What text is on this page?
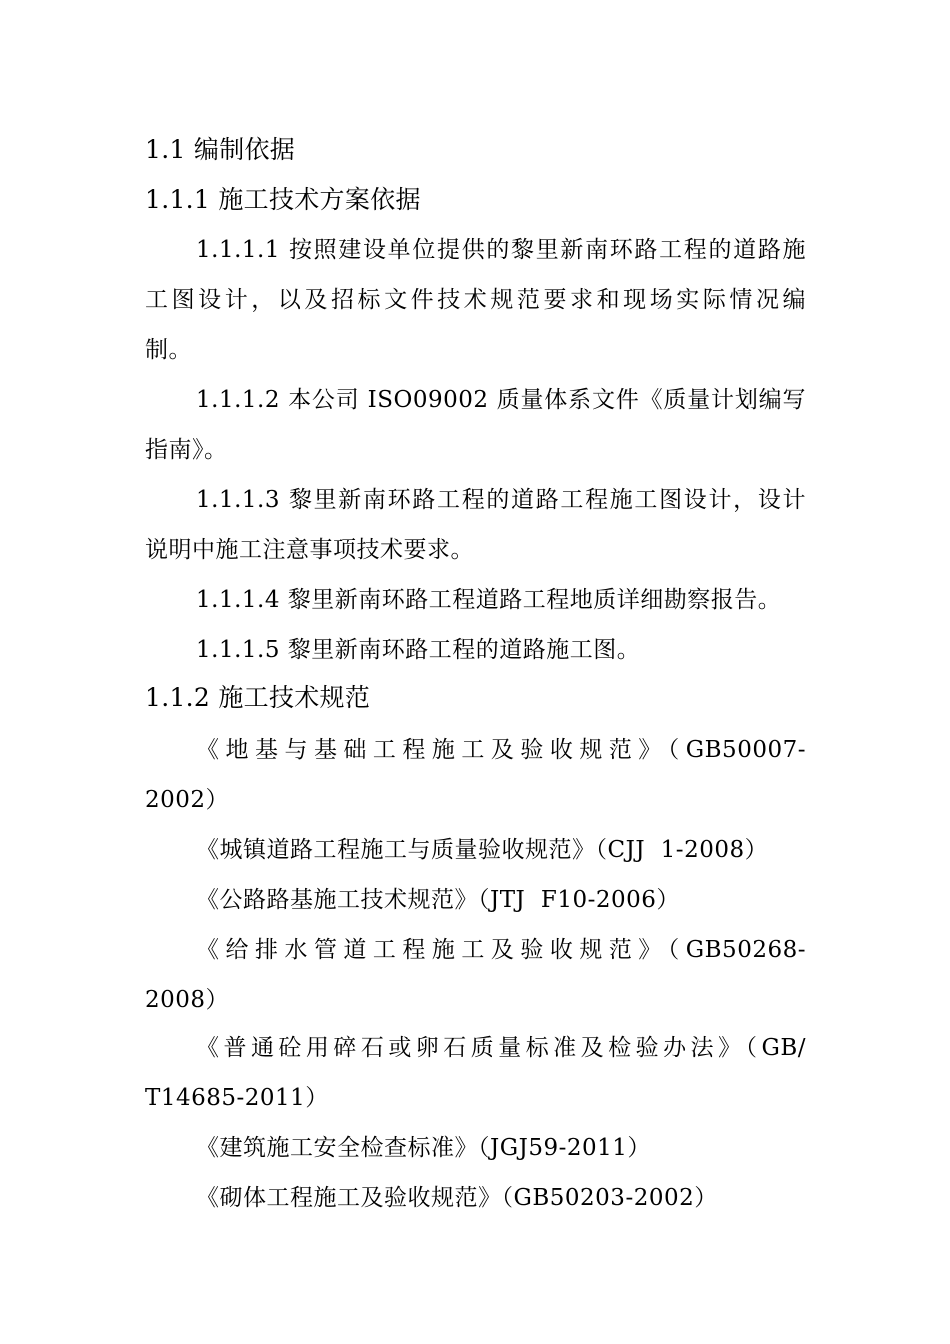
1.1 编制依据
1.1.1 施工技术方案依据
1.1.1.1 按照建设单位提供的黎里新南环路工程的道路施
工图设计，以及招标文件技术规范要求和现场实际情况编
制。
1.1.1.2 本公司 ISO09002 质量体系文件《质量计划编写
指南》。
1.1.1.3 黎里新南环路工程的道路工程施工图设计，设计
说明中施工注意事项技术要求。
1.1.1.4 黎里新南环路工程道路工程地质详细勘察报告。
1.1.1.5 黎里新南环路工程的道路施工图。
1.1.2 施工技术规范
《地基与基础工程施工及验收规范》（GB50007-
2002）
《城镇道路工程施工与质量验收规范》（CJJ  1-2008）
《公路路基施工技术规范》（JTJ  F10-2006）
《给排水管道工程施工及验收规范》（GB50268-
2008）
《普通砼用碎石或卵石质量标准及检验办法》（GB/
T14685-2011）
《建筑施工安全检查标准》（JGJ59-2011）
《砌体工程施工及验收规范》（GB50203-2002）
